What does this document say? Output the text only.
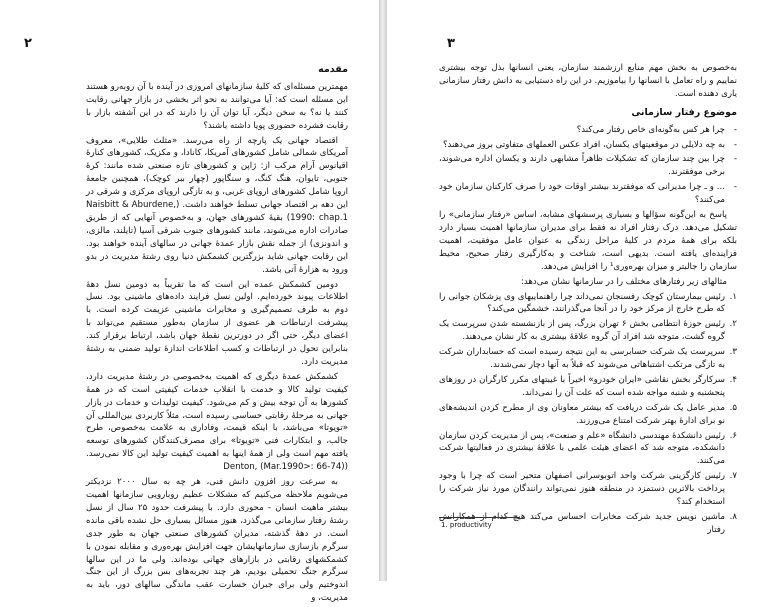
۲
مقدمه

مهمترین مسئله‌ای که کلیهٔ سازمانهای امروزی در آینده با آن روبه‌رو هستند این مسئله است که: آیا می‌توانند به نحو اثر بخشی در بازار جهانی رقابت کنند یا نه؟ به سخن دیگر، آیا توان آن را دارند که در این آشفته بازار با رقابت فشرده حضوری پویا داشته باشند؟

اقتصاد جهانی یک پارچه از راه می‌رسد. «مثلث طلایی»، معروف آمریکای شمالی شامل کشورهای آمریکا، کانادا، و مکزیک، کشورهای کنارهٔ اقیانوس آرام مرکب از: ژاپن و کشورهای تازه صنعتی شده مانند: کرهٔ جنوبی، تایوان، هنگ کنگ، و سنگاپور (چهار ببر کوچک)، همچنین جامعهٔ اروپا شامل کشورهای اروپای غربی، و به تازگی اروپای مرکزی و شرقی در این دهه بر اقتصاد جهانی تسلط خواهند داشت. (Naisbitt & Aburdene, 1990: chap.1) بقیهٔ کشورهای جهان، و به‌خصوص آنهایی که از طریق صادرات اداره می‌شوند، مانند کشورهای جنوب شرقی آسیا (تایلند، مالزی، و اندونزی) از جمله نقش بازار عمدهٔ جهانی در سالهای آینده خواهند بود. این رقابت جهانی شاید بزرگترین کشمکش دنیا روی رشتهٔ مدیریت در بدو ورود به هزارهٔ آتی باشد.

دومین کشمکش عمده این است که ما تقریباً به دومین نسل دهۀ اطلاعات پیوند خورده‌ایم. اولین نسل فرایند داده‌های ماشینی بود. نسل دوم به طرف تصمیم‌گیری و مخابرات ماشینی عزیمت کرده است. با پیشرفت ارتباطات هر عضوی از سازمان به‌طور مستقیم می‌تواند با اعضای دیگر، حتی اگر در دورترین نقطهٔ جهان باشد، ارتباط برقرار کند. بنابراین تحول در ارتباطات و کسب اطلاعات اندازهٔ تولید ضمنی به رشتهٔ مدیریت دارد.

کشمکش عمدهٔ دیگری که اهمیت به‌خصوصی در رشتهٔ مدیریت دارد، کیفیت تولید کالا و خدمت با انقلاب خدمات کیفیتی است که در همهٔ کشورها به آن توجه بیش و کم می‌شود. کیفیت تولیدات و خدمات در بازار جهانی به مرحلهٔ رقابتی حساسی رسیده است، مثلاً کاربردی بین‌المللی آن «تویوتا» می‌باشد، با اینکه قیمت، وفاداری به علامت به‌خصوص، طرح جالب، و ابتکارات فنی «تویوتا» برای مصرف‌کنندگان کشورهای توسعه یافته مهم است ولی از همهٔ اینها به اهمیت کیفیت تولید این کالا نمی‌رسد. (Denton, (Mar.1990>: 66-74)

به سرعت روز افزون دانش فنی، هر چه به سال ۲۰۰۰ نزدیکتر می‌شویم ملاحظه می‌کنیم که مشکلات عظیم روبارویی سازمانها اهمیت بیشتر ماهیت انسان - محوری دارد. با پیشرفت حدود ۲۵ سال از نسل رشتهٔ رفتار سازمانی می‌گذرد، هنوز مسائل بسیاری حل نشده باقی مانده است. در دههٔ گذشته، مدیران کشورهای صنعتی جهان به طور جدی سرگرم بازسازی سازمانهایشان جهت افزایش بهره‌وری و مقابله نمودن با کشمکشهای رقابتی در بازارهای جهانی بوده‌اند. ولی ما در این سالها سرگرم جنگ تحمیلی بودیم، هر چند تجربه‌های بس بزرگ از این جنگ اندوختیم ولی برای جبران خسارت عقب ماندگی سالهای دور، باید به مدیریت، و

۳

به‌خصوص به بخش مهم منابع ارزشمند سازمان، یعنی انسانها بذل توجه بیشتری نماییم و راه تعامل با انسانها را بیاموزیم. در این راه دستیابی به دانش رفتار سازمانی یاری دهنده است.

موضوع رفتار سازمانی
-
چرا هر کس به‌گونه‌ای خاص رفتار می‌کند؟
-
به چه دلایلی در موقعیتهای یکسان، افراد عکس العملهای متفاوتی بروز می‌دهند؟
-
چرا بین چند سازمان که تشکیلات ظاهراً مشابهی دارند و یکسان اداره می‌شوند، برخی موفقترند.
-
... و ـ چرا مدیرانی که موفقترند بیشتر اوقات خود را صرف کارکنان سازمان خود می‌کنند؟

پاسخ به این‌گونه سؤالها و بسیاری پرسشهای مشابه، اساس «رفتار سازمانی» را تشکیل می‌دهد. درک رفتار افراد نه فقط برای مدیران سازمانها اهمیت بسیار دارد بلکه برای همهٔ مردم در کلیهٔ مراحل زندگی به عنوان عامل موفقیت، اهمیت فزاینده‌ای یافته است. بدیهی است، شناخت و به‌کارگیری رفتار صحیح، محیط سازمان را جالبتر و میزان بهره‌وری¹ را افزایش می‌دهد.

مثالهای زیر رفتارهای مختلف را در سازمانها نشان می‌دهد:

۱.
رئیس بیمارستان کوچک رفسنجان نمی‌داند چرا راهنماییهای وی پزشکان جوانی را که طرح خارج از مرکز خود را در آنجا می‌گذرانند، خشمگین می‌کند؟
۲.
رئیس حوزهٔ انتظامی بخش ۶ تهران بزرگ، پس از بازنشسته شدن سرپرست یک گروه گشت، متوجه شد افراد آن گروه علاقهٔ بیشتری به کار نشان می‌دهند.
۳.
سرپرست یک شرکت حسابرسی به این نتیجه رسیده است که حسابداران شرکت به تازگی مرتکب اشتباهاتی می‌شوند که قبلاً به آنها دچار نمی‌شدند.
۴.
سرکارگر بخش نقاشی «ایران خودرو» اخیراً با غیبتهای مکرر کارگران در روزهای پنجشنبه و شنبه مواجه شده است که علت آن را نمی‌داند.
۵.
مدیر عامل یک شرکت دریافت که بیشتر معاونان وی از مطرح کردن اندیشه‌های نو برای ادارهٔ بهتر شرکت امتناع می‌ورزند.
۶.
رئیس دانشکدهٔ مهندسی دانشگاه «علم و صنعت»، پس از مدیریت کردن سازمان دانشکده، متوجه شد که اعضای هیئت علمی با علاقهٔ بیشتری در فعالیتها شرکت می‌کنند.
۷.
رئیس کارگزینی شرکت واحد اتوبوسرانی اصفهان متحیر است که چرا با وجود پرداخت بالاترین دستمزد در منطقه هنوز نمی‌تواند رانندگان مورد نیاز شرکت را استخدام کند؟
۸.
ماشین نویس جدید شرکت مخابرات احساس می‌کند هیچ کدام از همکارانش رفتار
1. productivity
